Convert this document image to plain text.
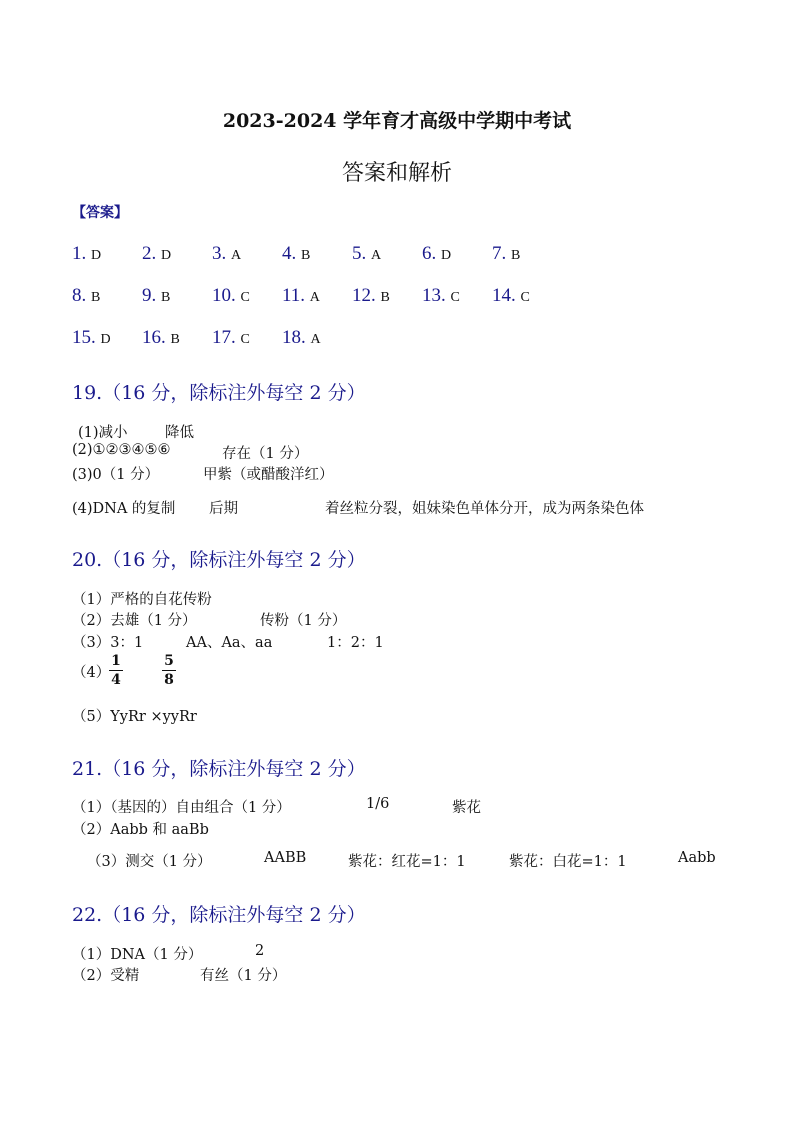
2023-2024 学年育才高级中学期中考试
答案和解析
【答案】
1. D 2. D 3. A 4. B 5. A 6. D 7. B
8. B 9. B 10. C 11. A 12. B 13. C 14. C
15. D 16. B 17. C 18. A
19.（16 分，除标注外每空 2 分）
(1)减小	降低
(2)①②③④⑤⑥	存在（1 分）
(3)0（1 分）	甲紫（或醋酸洋红）
(4)DNA 的复制 后期	着丝粒分裂，姐妹染色单体分开，成为两条染色体
20.（16 分，除标注外每空 2 分）
（1）严格的自花传粉
（2）去雄（1 分）	传粉（1 分）
（3）3：1	AA、Aa、aa	1：2：1
（4）
1
4
5
8
（5）YyRr ×yyRr
21.（16 分，除标注外每空 2 分）
（1）（基因的）自由组合（1 分）	1/6	紫花
（2）Aabb 和 aaBb
（3）测交（1 分）	AABB	紫花：红花=1：1	紫花：白花=1：1	Aabb
22.（16 分，除标注外每空 2 分）
（1）DNA（1 分）	2
（2）受精	有丝（1 分）
